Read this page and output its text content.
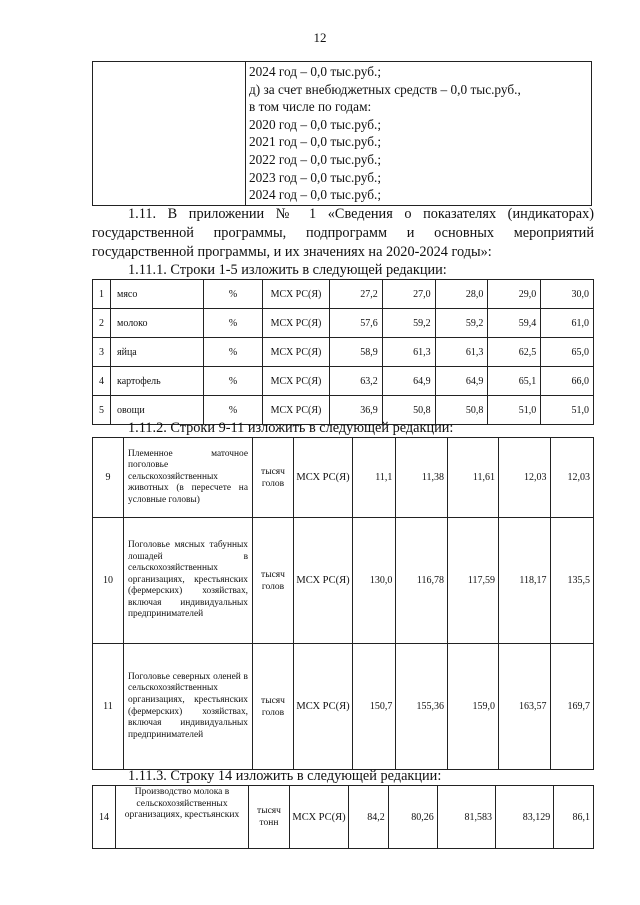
12

2024 год – 0,0 тыс.руб.;
д) за счет внебюджетных средств – 0,0 тыс.руб.,
в том числе по годам:
2020 год – 0,0 тыс.руб.;
2021 год – 0,0 тыс.руб.;
2022 год – 0,0 тыс.руб.;
2023 год – 0,0 тыс.руб.;
2024 год – 0,0 тыс.руб.;
1.11. В приложении № 1 «Сведения о показателях (индикаторах) государственной программы, подпрограмм и основных мероприятий государственной программы, и их значениях на 2020-2024 годы»:
1.11.1. Строки 1-5 изложить в следующей редакции:
1	мясо	%	МСХ РС(Я)	27,2	27,0	28,0	29,0	30,0
2	молоко	%	МСХ РС(Я)	57,6	59,2	59,2	59,4	61,0
3	яйца	%	МСХ РС(Я)	58,9	61,3	61,3	62,5	65,0
4	картофель	%	МСХ РС(Я)	63,2	64,9	64,9	65,1	66,0
5	овощи	%	МСХ РС(Я)	36,9	50,8	50,8	51,0	51,0
1.11.2. Строки 9-11 изложить в следующей редакции:
9	Племенное маточное поголовье сельскохозяйственных животных (в пересчете на условные головы)	тысяч голов	МСХ РС(Я)	11,1	11,38	11,61	12,03	12,03
10	Поголовье мясных табунных лошадей в сельскохозяйственных организациях, крестьянских (фермерских) хозяйствах, включая индивидуальных предпринимателей	тысяч голов	МСХ РС(Я)	130,0	116,78	117,59	118,17	135,5
11	Поголовье северных оленей в сельскохозяйственных организациях, крестьянских (фермерских) хозяйствах, включая индивидуальных предпринимателей	тысяч голов	МСХ РС(Я)	150,7	155,36	159,0	163,57	169,7
1.11.3. Строку 14 изложить в следующей редакции:
14	Производство молока в сельскохозяйственных организациях, крестьянских	тысяч тонн	МСХ РС(Я)	84,2	80,26	81,583	83,129	86,1
